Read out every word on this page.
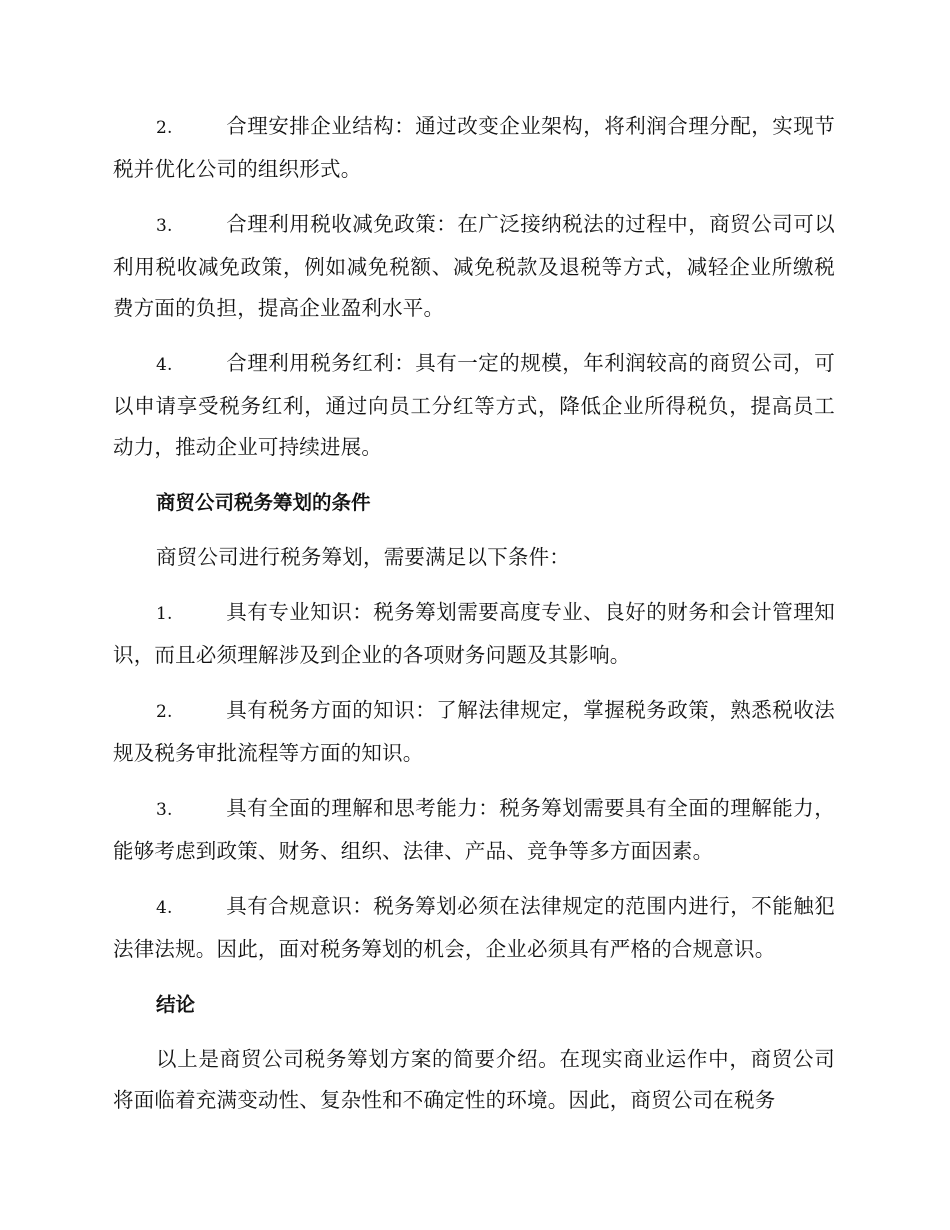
2.	合理安排企业结构：通过改变企业架构，将利润合理分配，实现节税并优化公司的组织形式。

3.	合理利用税收减免政策：在广泛接纳税法的过程中，商贸公司可以利用税收减免政策，例如减免税额、减免税款及退税等方式，减轻企业所缴税费方面的负担，提高企业盈利水平。

4.	合理利用税务红利：具有一定的规模，年利润较高的商贸公司，可以申请享受税务红利，通过向员工分红等方式，降低企业所得税负，提高员工动力，推动企业可持续进展。

商贸公司税务筹划的条件

商贸公司进行税务筹划，需要满足以下条件：

1.	具有专业知识：税务筹划需要高度专业、良好的财务和会计管理知识，而且必须理解涉及到企业的各项财务问题及其影响。

2.	具有税务方面的知识：了解法律规定，掌握税务政策，熟悉税收法规及税务审批流程等方面的知识。

3.	具有全面的理解和思考能力：税务筹划需要具有全面的理解能力，能够考虑到政策、财务、组织、法律、产品、竞争等多方面因素。

4.	具有合规意识：税务筹划必须在法律规定的范围内进行，不能触犯法律法规。因此，面对税务筹划的机会，企业必须具有严格的合规意识。

结论

以上是商贸公司税务筹划方案的简要介绍。在现实商业运作中，商贸公司将面临着充满变动性、复杂性和不确定性的环境。因此，商贸公司在税务
